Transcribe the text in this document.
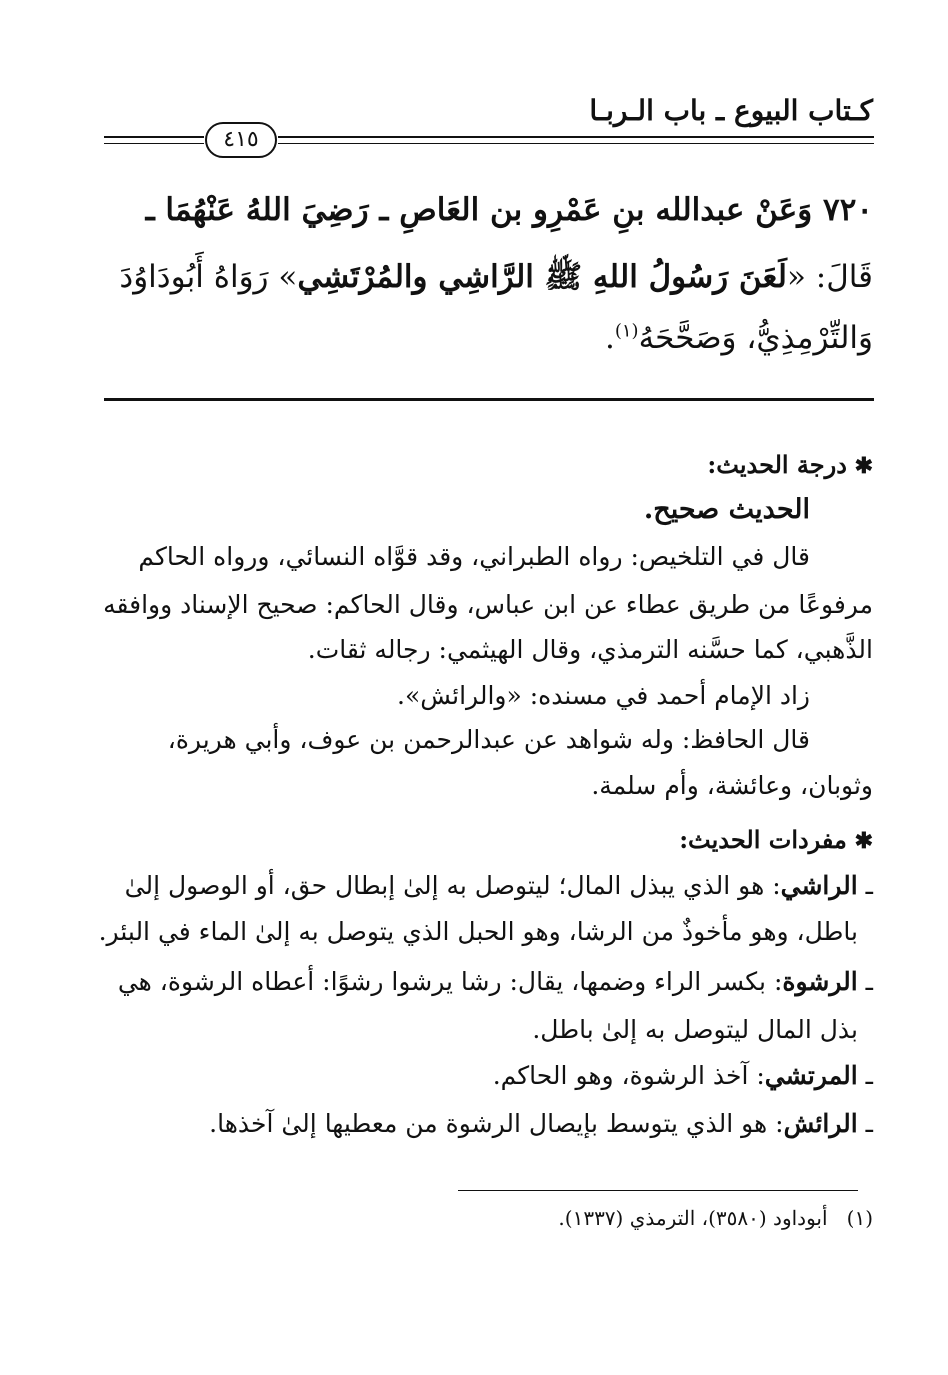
كـتاب البيوع ـ باب الـربـا
٤١٥
٧٢٠ وَعَنْ عبدالله بنِ عَمْرِو بن العَاصِ ـ رَضِيَ اللهُ عَنْهُمَا ـ
قَالَ: «لَعَنَ رَسُولُ اللهِ ﷺ الرَّاشِي والمُرْتَشِي» رَوَاهُ أَبُودَاوُدَ
وَالتِّرْمِذِيُّ، وَصَحَّحَهُ$^{(١)}$.
✱ درجة الحديث:
الحديث صحيح.
قال في التلخيص: رواه الطبراني، وقد قوَّاه النسائي، ورواه الحاكم
مرفوعًا من طريق عطاء عن ابن عباس، وقال الحاكم: صحيح الإسناد ووافقه
الذَّهبي، كما حسَّنه الترمذي، وقال الهيثمي: رجاله ثقات.
زاد الإمام أحمد في مسنده: «والرائش».
قال الحافظ: وله شواهد عن عبدالرحمن بن عوف، وأبي هريرة،
وثوبان، وعائشة، وأم سلمة.
✱ مفردات الحديث:
ـ الراشي: هو الذي يبذل المال؛ ليتوصل به إلىٰ إبطال حق، أو الوصول إلىٰ
باطل، وهو مأخوذٌ من الرشا، وهو الحبل الذي يتوصل به إلىٰ الماء في البئر.
ـ الرشوة: بكسر الراء وضمها، يقال: رشا يرشوا رشوًا: أعطاه الرشوة، هي
بذل المال ليتوصل به إلىٰ باطل.
ـ المرتشي: آخذ الرشوة، وهو الحاكم.
ـ الرائش: هو الذي يتوسط بإيصال الرشوة من معطيها إلىٰ آخذها.
(١)   أبوداود (٣٥٨٠)، الترمذي (١٣٣٧).
